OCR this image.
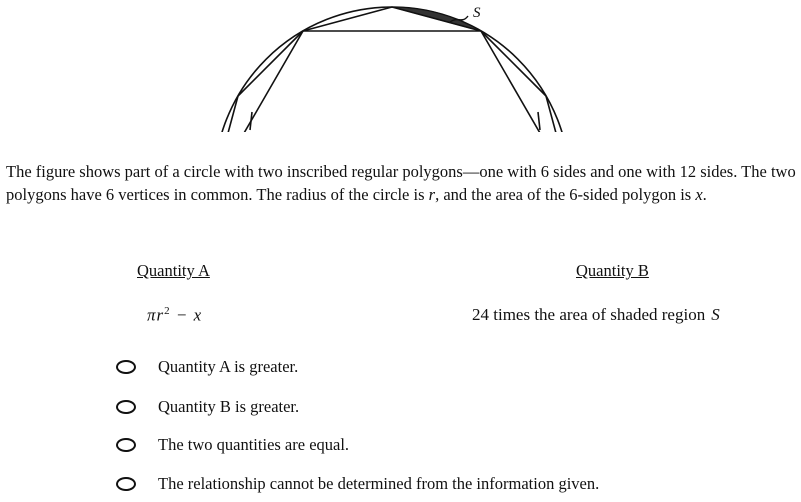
S

The figure shows part of a circle with two inscribed regular polygons—one with 6 sides and one with 12 sides. The two polygons have 6 vertices in common. The radius of the circle is r, and the area of the 6-sided polygon is x.

Quantity A	Quantity B
$\pi r^2 - x$	24 times the area of shaded region S
Quantity A is greater.
Quantity B is greater.
The two quantities are equal.
The relationship cannot be determined from the information given.
